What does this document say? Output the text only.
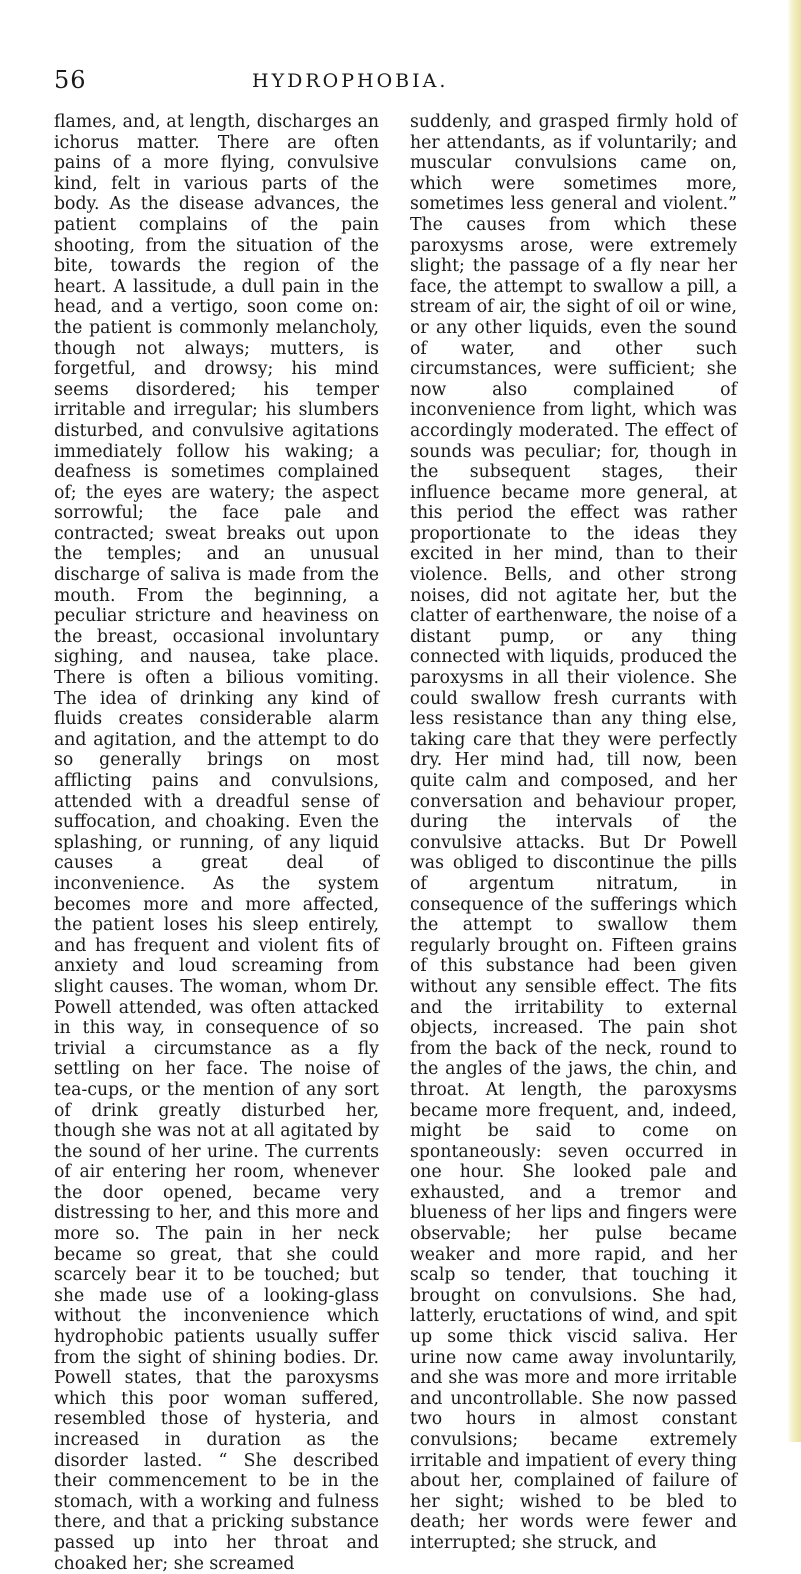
56	HYDROPHOBIA.

flames, and, at length, discharges an ichorus matter. There are often pains of a more flying, convulsive kind, felt in various parts of the body. As the disease advances, the patient complains of the pain shooting, from the situation of the bite, towards the region of the heart. A lassitude, a dull pain in the head, and a vertigo, soon come on: the patient is commonly melancholy, though not always; mutters, is forgetful, and drowsy; his mind seems disordered; his temper irritable and irregular; his slumbers disturbed, and convulsive agitations immediately follow his waking; a deafness is sometimes complained of; the eyes are watery; the aspect sorrowful; the face pale and contracted; sweat breaks out upon the temples; and an unusual discharge of saliva is made from the mouth. From the beginning, a peculiar stricture and heaviness on the breast, occasional involuntary sighing, and nausea, take place. There is often a bilious vomiting. The idea of drinking any kind of fluids creates considerable alarm and agitation, and the attempt to do so generally brings on most afflicting pains and convulsions, attended with a dreadful sense of suffocation, and choaking. Even the splashing, or running, of any liquid causes a great deal of inconvenience. As the system becomes more and more affected, the patient loses his sleep entirely, and has frequent and violent fits of anxiety and loud screaming from slight causes. The woman, whom Dr. Powell attended, was often attacked in this way, in consequence of so trivial a circumstance as a fly settling on her face. The noise of tea-cups, or the mention of any sort of drink greatly disturbed her, though she was not at all agitated by the sound of her urine. The currents of air entering her room, whenever the door opened, became very distressing to her, and this more and more so. The pain in her neck became so great, that she could scarcely bear it to be touched; but she made use of a looking-glass without the inconvenience which hydrophobic patients usually suffer from the sight of shining bodies. Dr. Powell states, that the paroxysms which this poor woman suffered, resembled those of hysteria, and increased in duration as the disorder lasted. “ She described their commencement to be in the stomach, with a working and fulness there, and that a pricking substance passed up into her throat and choaked her; she screamed

suddenly, and grasped firmly hold of her attendants, as if voluntarily; and muscular convulsions came on, which were sometimes more, sometimes less general and violent.” The causes from which these paroxysms arose, were extremely slight; the passage of a fly near her face, the attempt to swallow a pill, a stream of air, the sight of oil or wine, or any other liquids, even the sound of water, and other such circumstances, were sufficient; she now also complained of inconvenience from light, which was accordingly moderated. The effect of sounds was peculiar; for, though in the subsequent stages, their influence became more general, at this period the effect was rather proportionate to the ideas they excited in her mind, than to their violence. Bells, and other strong noises, did not agitate her, but the clatter of earthenware, the noise of a distant pump, or any thing connected with liquids, produced the paroxysms in all their violence. She could swallow fresh currants with less resistance than any thing else, taking care that they were perfectly dry. Her mind had, till now, been quite calm and composed, and her conversation and behaviour proper, during the intervals of the convulsive attacks. But Dr Powell was obliged to discontinue the pills of argentum nitratum, in consequence of the sufferings which the attempt to swallow them regularly brought on. Fifteen grains of this substance had been given without any sensible effect. The fits and the irritability to external objects, increased. The pain shot from the back of the neck, round to the angles of the jaws, the chin, and throat. At length, the paroxysms became more frequent, and, indeed, might be said to come on spontaneously: seven occurred in one hour. She looked pale and exhausted, and a tremor and blueness of her lips and fingers were observable; her pulse became weaker and more rapid, and her scalp so tender, that touching it brought on convulsions. She had, latterly, eructations of wind, and spit up some thick viscid saliva. Her urine now came away involuntarily, and she was more and more irritable and uncontrollable. She now passed two hours in almost constant convulsions; became extremely irritable and impatient of every thing about her, complained of failure of her sight; wished to be bled to death; her words were fewer and interrupted; she struck, and
